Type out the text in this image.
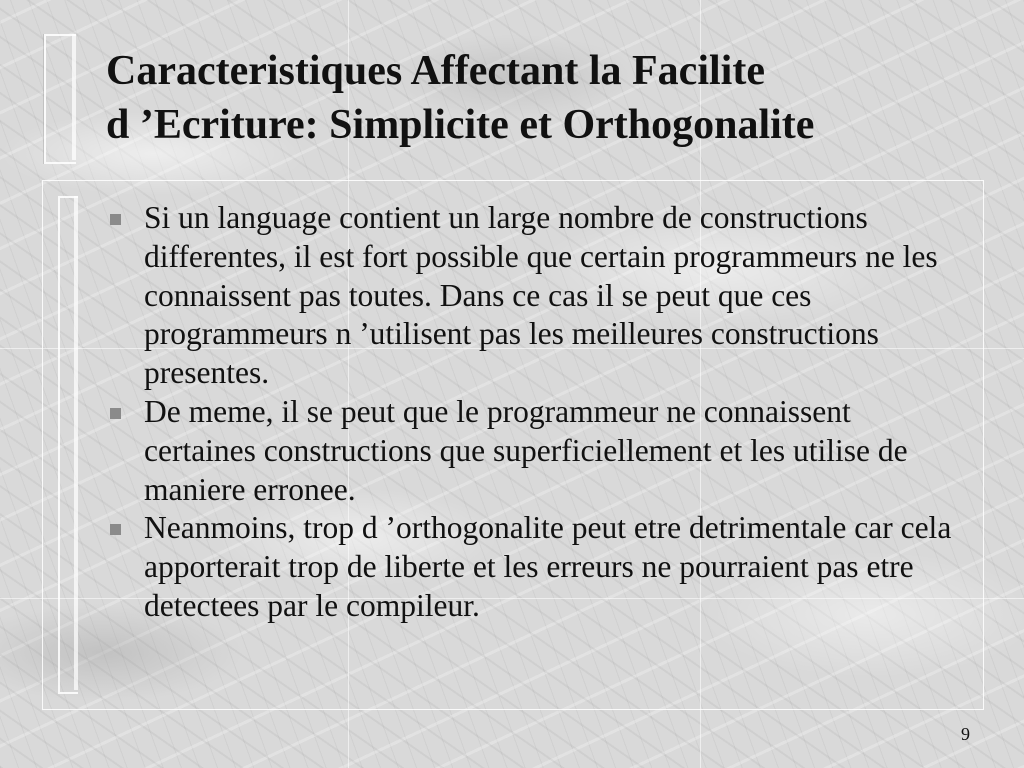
Caracteristiques Affectant la Facilite
d ’Ecriture: Simplicite et Orthogonalite
Si un language contient un large nombre de constructions differentes, il est fort possible que certain programmeurs ne les connaissent pas toutes. Dans ce cas il se peut que ces programmeurs n ’utilisent pas les meilleures constructions presentes.
De meme, il se peut que le programmeur ne connaissent certaines constructions que superficiellement et les utilise de maniere erronee.
Neanmoins, trop d ’orthogonalite peut etre detrimentale car cela apporterait trop de liberte et les erreurs ne pourraient pas etre detectees par le compileur.
9
